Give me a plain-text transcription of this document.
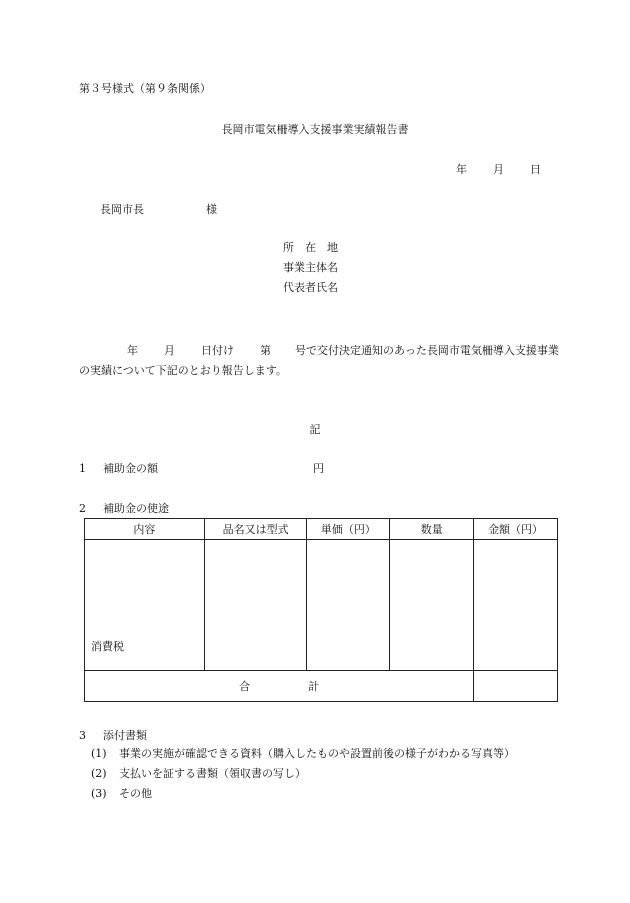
第３号様式（第９条関係）
長岡市電気柵導入支援事業実績報告書
年 月 日
長岡市長	様
所　在　地
事業主体名
代表者氏名
年 月 日付け 第 号で交付決定通知のあった長岡市電気柵導入支援事業の実績について下記のとおり報告します。
記
1 補助金の額	円
2 補助金の使途
内容	品名又は型式	単価（円）	数量	金額（円）

消費税				

合 計				
3 添付書類
(1) 事業の実施が確認できる資料（購入したものや設置前後の様子がわかる写真等）
(2) 支払いを証する書類（領収書の写し）
(3) その他
